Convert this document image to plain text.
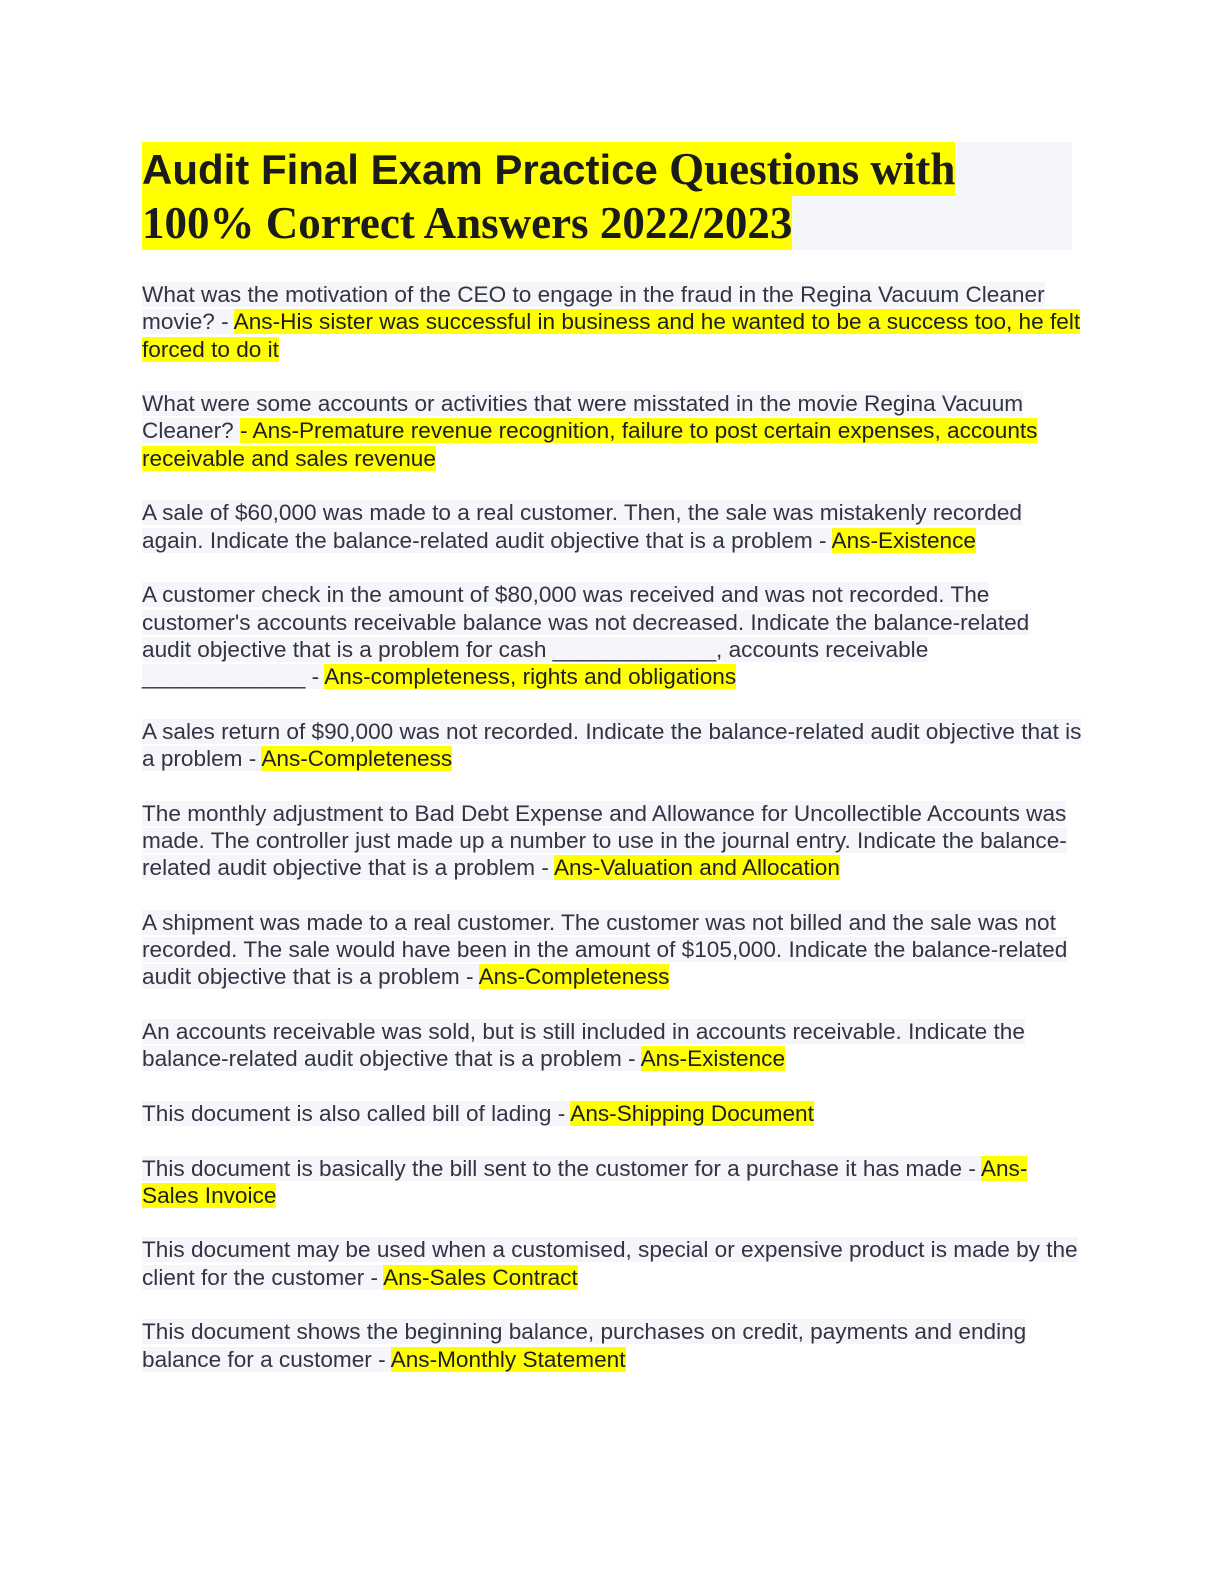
Audit Final Exam Practice Questions with
100% Correct Answers 2022/2023
What was the motivation of the CEO to engage in the fraud in the Regina Vacuum Cleaner movie? - Ans-His sister was successful in business and he wanted to be a success too, he felt forced to do it
What were some accounts or activities that were misstated in the movie Regina Vacuum Cleaner? - Ans-Premature revenue recognition, failure to post certain expenses, accounts receivable and sales revenue
A sale of $60,000 was made to a real customer. Then, the sale was mistakenly recorded again. Indicate the balance-related audit objective that is a problem - Ans-Existence
A customer check in the amount of $80,000 was received and was not recorded. The customer's accounts receivable balance was not decreased. Indicate the balance-related audit objective that is a problem for cash _____________, accounts receivable _____________ - Ans-completeness, rights and obligations
A sales return of $90,000 was not recorded. Indicate the balance-related audit objective that is a problem - Ans-Completeness
The monthly adjustment to Bad Debt Expense and Allowance for Uncollectible Accounts was made. The controller just made up a number to use in the journal entry. Indicate the balance-related audit objective that is a problem - Ans-Valuation and Allocation
A shipment was made to a real customer. The customer was not billed and the sale was not recorded. The sale would have been in the amount of $105,000. Indicate the balance-related audit objective that is a problem - Ans-Completeness
An accounts receivable was sold, but is still included in accounts receivable. Indicate the balance-related audit objective that is a problem - Ans-Existence
This document is also called bill of lading - Ans-Shipping Document
This document is basically the bill sent to the customer for a purchase it has made - Ans-Sales Invoice
This document may be used when a customised, special or expensive product is made by the client for the customer - Ans-Sales Contract
This document shows the beginning balance, purchases on credit, payments and ending balance for a customer - Ans-Monthly Statement
